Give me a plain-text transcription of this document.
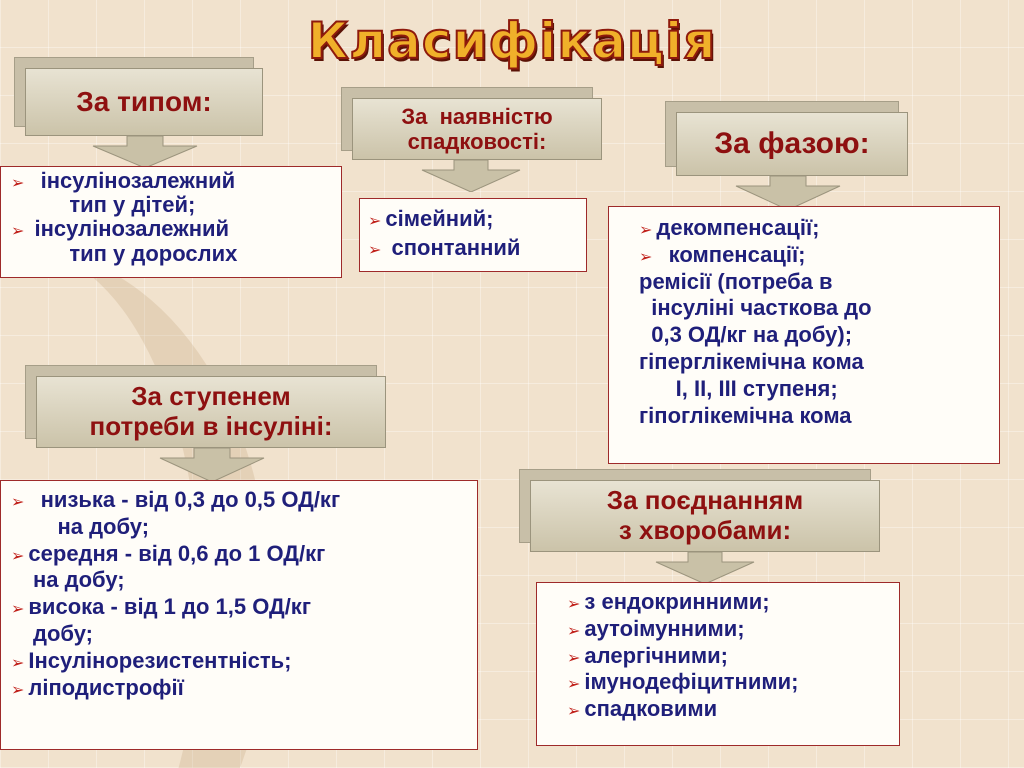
Класифікація
За типом:
➢  інсулінозалежний
тип у дітей;
➢ інсулінозалежний
тип у дорослих
За  наявністю
спадковості:
➢ сімейний;
➢ спонтанний
За фазою:
➢ декомпенсації;
➢  компенсації;
ремісії (потреба в
інсуліні часткова до
0,3 ОД/кг на добу);
гіперглікемічна кома
I, II, III ступеня;
гіпоглікемічна кома
За ступенем
потреби в інсуліні:
➢  низька - від 0,3 до 0,5 ОД/кг
на добу;
➢ середня - від 0,6 до 1 ОД/кг
на добу;
➢ висока - від 1 до 1,5 ОД/кг
добу;
➢ Інсулінорезистентність;
➢ ліподистрофії
За поєднанням
з хворобами:
➢ з ендокринними;
➢ аутоімунними;
➢ алергічними;
➢ імунодефіцитними;
➢ спадковими
